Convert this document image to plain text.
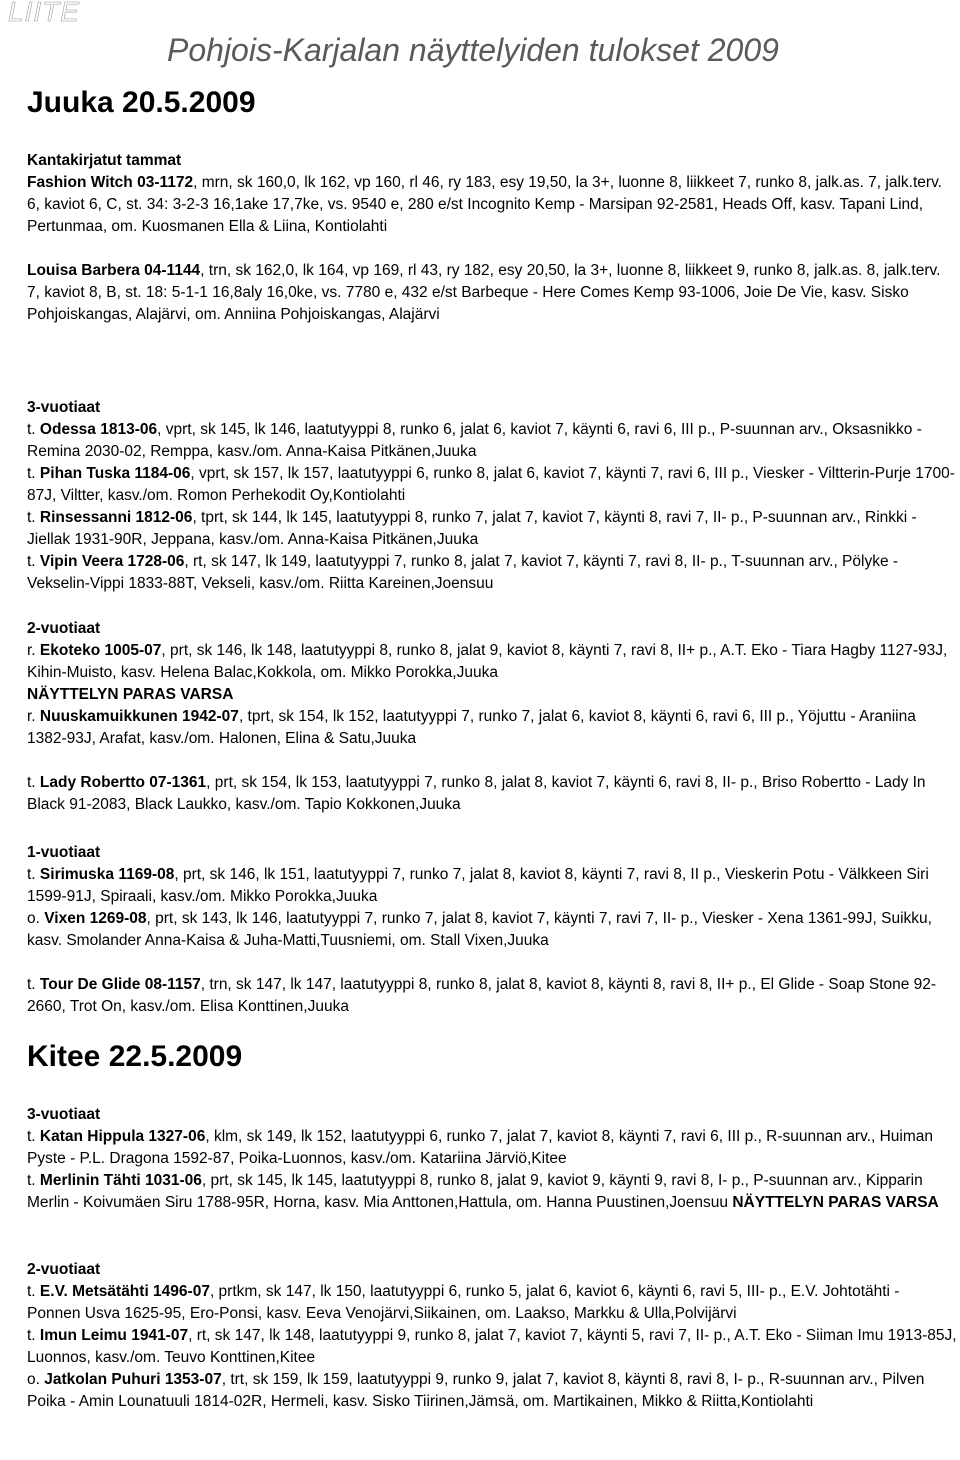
LIITE
Pohjois-Karjalan näyttelyiden tulokset 2009
Juuka 20.5.2009
Kantakirjatut tammat
Fashion Witch 03-1172, mrn, sk 160,0, lk 162, vp 160, rl 46, ry 183, esy 19,50, la 3+, luonne 8, liikkeet 7, runko 8, jalk.as. 7, jalk.terv. 6, kaviot 6, C, st. 34: 3-2-3 16,1ake 17,7ke, vs. 9540 e, 280 e/st Incognito Kemp - Marsipan 92-2581, Heads Off, kasv. Tapani Lind, Pertunmaa, om. Kuosmanen Ella & Liina, Kontiolahti
Louisa Barbera 04-1144, trn, sk 162,0, lk 164, vp 169, rl 43, ry 182, esy 20,50, la 3+, luonne 8, liikkeet 9, runko 8, jalk.as. 8, jalk.terv. 7, kaviot 8, B, st. 18: 5-1-1 16,8aly 16,0ke, vs. 7780 e, 432 e/st Barbeque - Here Comes Kemp 93-1006, Joie De Vie, kasv. Sisko Pohjoiskangas, Alajärvi, om. Anniina Pohjoiskangas, Alajärvi
3-vuotiaat
t. Odessa 1813-06, vprt, sk 145, lk 146, laatutyyppi 8, runko 6, jalat 6, kaviot 7, käynti 6, ravi 6, III p., P-suunnan arv., Oksasnikko - Remina 2030-02, Remppa, kasv./om. Anna-Kaisa Pitkänen,Juuka
t. Pihan Tuska 1184-06, vprt, sk 157, lk 157, laatutyyppi 6, runko 8, jalat 6, kaviot 7, käynti 7, ravi 6, III p., Viesker - Viltterin-Purje 1700-87J, Viltter, kasv./om. Romon Perhekodit Oy,Kontiolahti
t. Rinsessanni 1812-06, tprt, sk 144, lk 145, laatutyyppi 8, runko 7, jalat 7, kaviot 7, käynti 8, ravi 7, II- p., P-suunnan arv., Rinkki - Jiellak 1931-90R, Jeppana, kasv./om. Anna-Kaisa Pitkänen,Juuka
t. Vipin Veera 1728-06, rt, sk 147, lk 149, laatutyyppi 7, runko 8, jalat 7, kaviot 7, käynti 7, ravi 8, II- p., T-suunnan arv., Pölyke - Vekselin-Vippi 1833-88T, Vekseli, kasv./om. Riitta Kareinen,Joensuu
2-vuotiaat
r. Ekoteko 1005-07, prt, sk 146, lk 148, laatutyyppi 8, runko 8, jalat 9, kaviot 8, käynti 7, ravi 8, II+ p., A.T. Eko - Tiara Hagby 1127-93J, Kihin-Muisto, kasv. Helena Balac,Kokkola, om. Mikko Porokka,Juuka
NÄYTTELYN PARAS VARSA
r. Nuuskamuikkunen 1942-07, tprt, sk 154, lk 152, laatutyyppi 7, runko 7, jalat 6, kaviot 8, käynti 6, ravi 6, III p., Yöjuttu - Araniina 1382-93J, Arafat, kasv./om. Halonen, Elina & Satu,Juuka
t. Lady Robertto 07-1361, prt, sk 154, lk 153, laatutyyppi 7, runko 8, jalat 8, kaviot 7, käynti 6, ravi 8, II- p., Briso Robertto - Lady In Black 91-2083, Black Laukko, kasv./om. Tapio Kokkonen,Juuka
1-vuotiaat
t. Sirimuska 1169-08, prt, sk 146, lk 151, laatutyyppi 7, runko 7, jalat 8, kaviot 8, käynti 7, ravi 8, II p., Vieskerin Potu - Välkkeen Siri 1599-91J, Spiraali, kasv./om. Mikko Porokka,Juuka
o. Vixen 1269-08, prt, sk 143, lk 146, laatutyyppi 7, runko 7, jalat 8, kaviot 7, käynti 7, ravi 7, II- p., Viesker - Xena 1361-99J, Suikku, kasv. Smolander Anna-Kaisa & Juha-Matti,Tuusniemi, om. Stall Vixen,Juuka
t. Tour De Glide 08-1157, trn, sk 147, lk 147, laatutyyppi 8, runko 8, jalat 8, kaviot 8, käynti 8, ravi 8, II+ p., El Glide - Soap Stone 92-2660, Trot On, kasv./om. Elisa Konttinen,Juuka
Kitee 22.5.2009
3-vuotiaat
t. Katan Hippula 1327-06, klm, sk 149, lk 152, laatutyyppi 6, runko 7, jalat 7, kaviot 8, käynti 7, ravi 6, III p., R-suunnan arv., Huiman Pyste - P.L. Dragona 1592-87, Poika-Luonnos, kasv./om. Katariina Järviö,Kitee
t. Merlinin Tähti 1031-06, prt, sk 145, lk 145, laatutyyppi 8, runko 8, jalat 9, kaviot 9, käynti 9, ravi 8, I- p., P-suunnan arv., Kipparin Merlin - Koivumäen Siru 1788-95R, Horna, kasv. Mia Anttonen,Hattula, om. Hanna Puustinen,Joensuu NÄYTTELYN PARAS VARSA
2-vuotiaat
t. E.V. Metsätähti 1496-07, prtkm, sk 147, lk 150, laatutyyppi 6, runko 5, jalat 6, kaviot 6, käynti 6, ravi 5, III- p., E.V. Johtotähti - Ponnen Usva 1625-95, Ero-Ponsi, kasv. Eeva Venojärvi,Siikainen, om. Laakso, Markku & Ulla,Polvijärvi
t. Imun Leimu 1941-07, rt, sk 147, lk 148, laatutyyppi 9, runko 8, jalat 7, kaviot 7, käynti 5, ravi 7, II- p., A.T. Eko - Siiman Imu 1913-85J, Luonnos, kasv./om. Teuvo Konttinen,Kitee
o. Jatkolan Puhuri 1353-07, trt, sk 159, lk 159, laatutyyppi 9, runko 9, jalat 7, kaviot 8, käynti 8, ravi 8, I- p., R-suunnan arv., Pilven Poika - Amin Lounatuuli 1814-02R, Hermeli, kasv. Sisko Tiirinen,Jämsä, om. Martikainen, Mikko & Riitta,Kontiolahti
